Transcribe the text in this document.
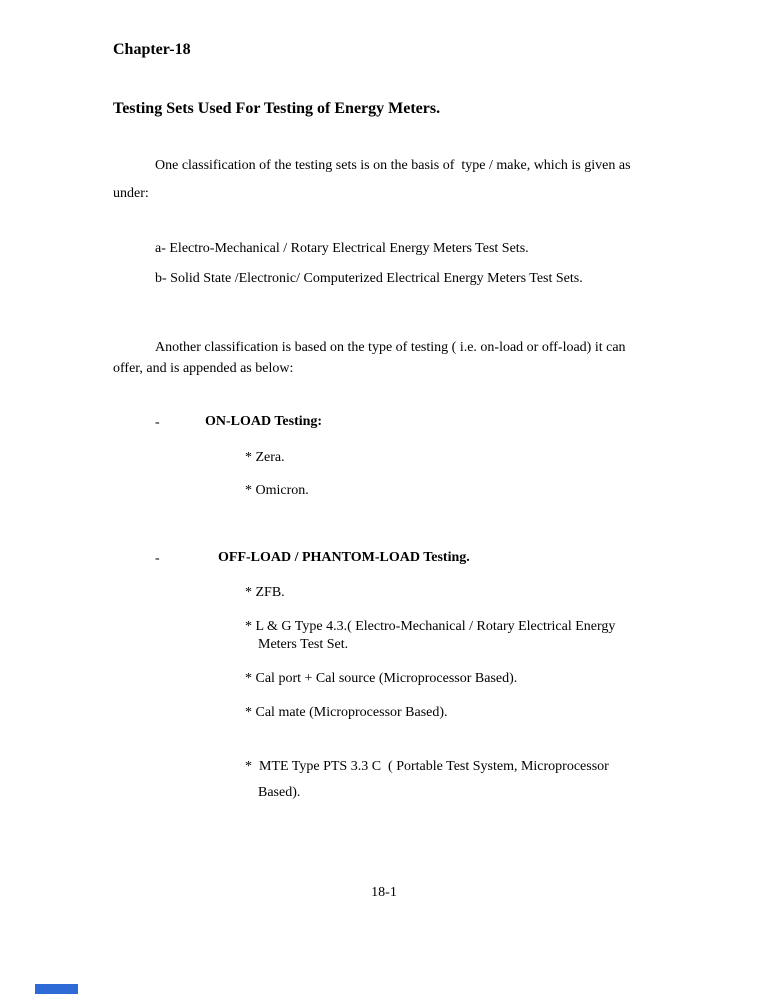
Chapter-18
Testing Sets Used For Testing of Energy Meters.
One classification of the testing sets is on the basis of  type / make, which is given as
under:
a- Electro-Mechanical / Rotary Electrical Energy Meters Test Sets.
b- Solid State /Electronic/ Computerized Electrical Energy Meters Test Sets.
Another classification is based on the type of testing ( i.e. on-load or off-load) it can
offer, and is appended as below:
-	ON-LOAD Testing:
* Zera.
* Omicron.
-	OFF-LOAD / PHANTOM-LOAD Testing.
* ZFB.
* L & G Type 4.3.( Electro-Mechanical / Rotary Electrical Energy
Meters Test Set.
* Cal port + Cal source (Microprocessor Based).
* Cal mate (Microprocessor Based).
*  MTE Type PTS 3.3 C  ( Portable Test System, Microprocessor
Based).
18-1
